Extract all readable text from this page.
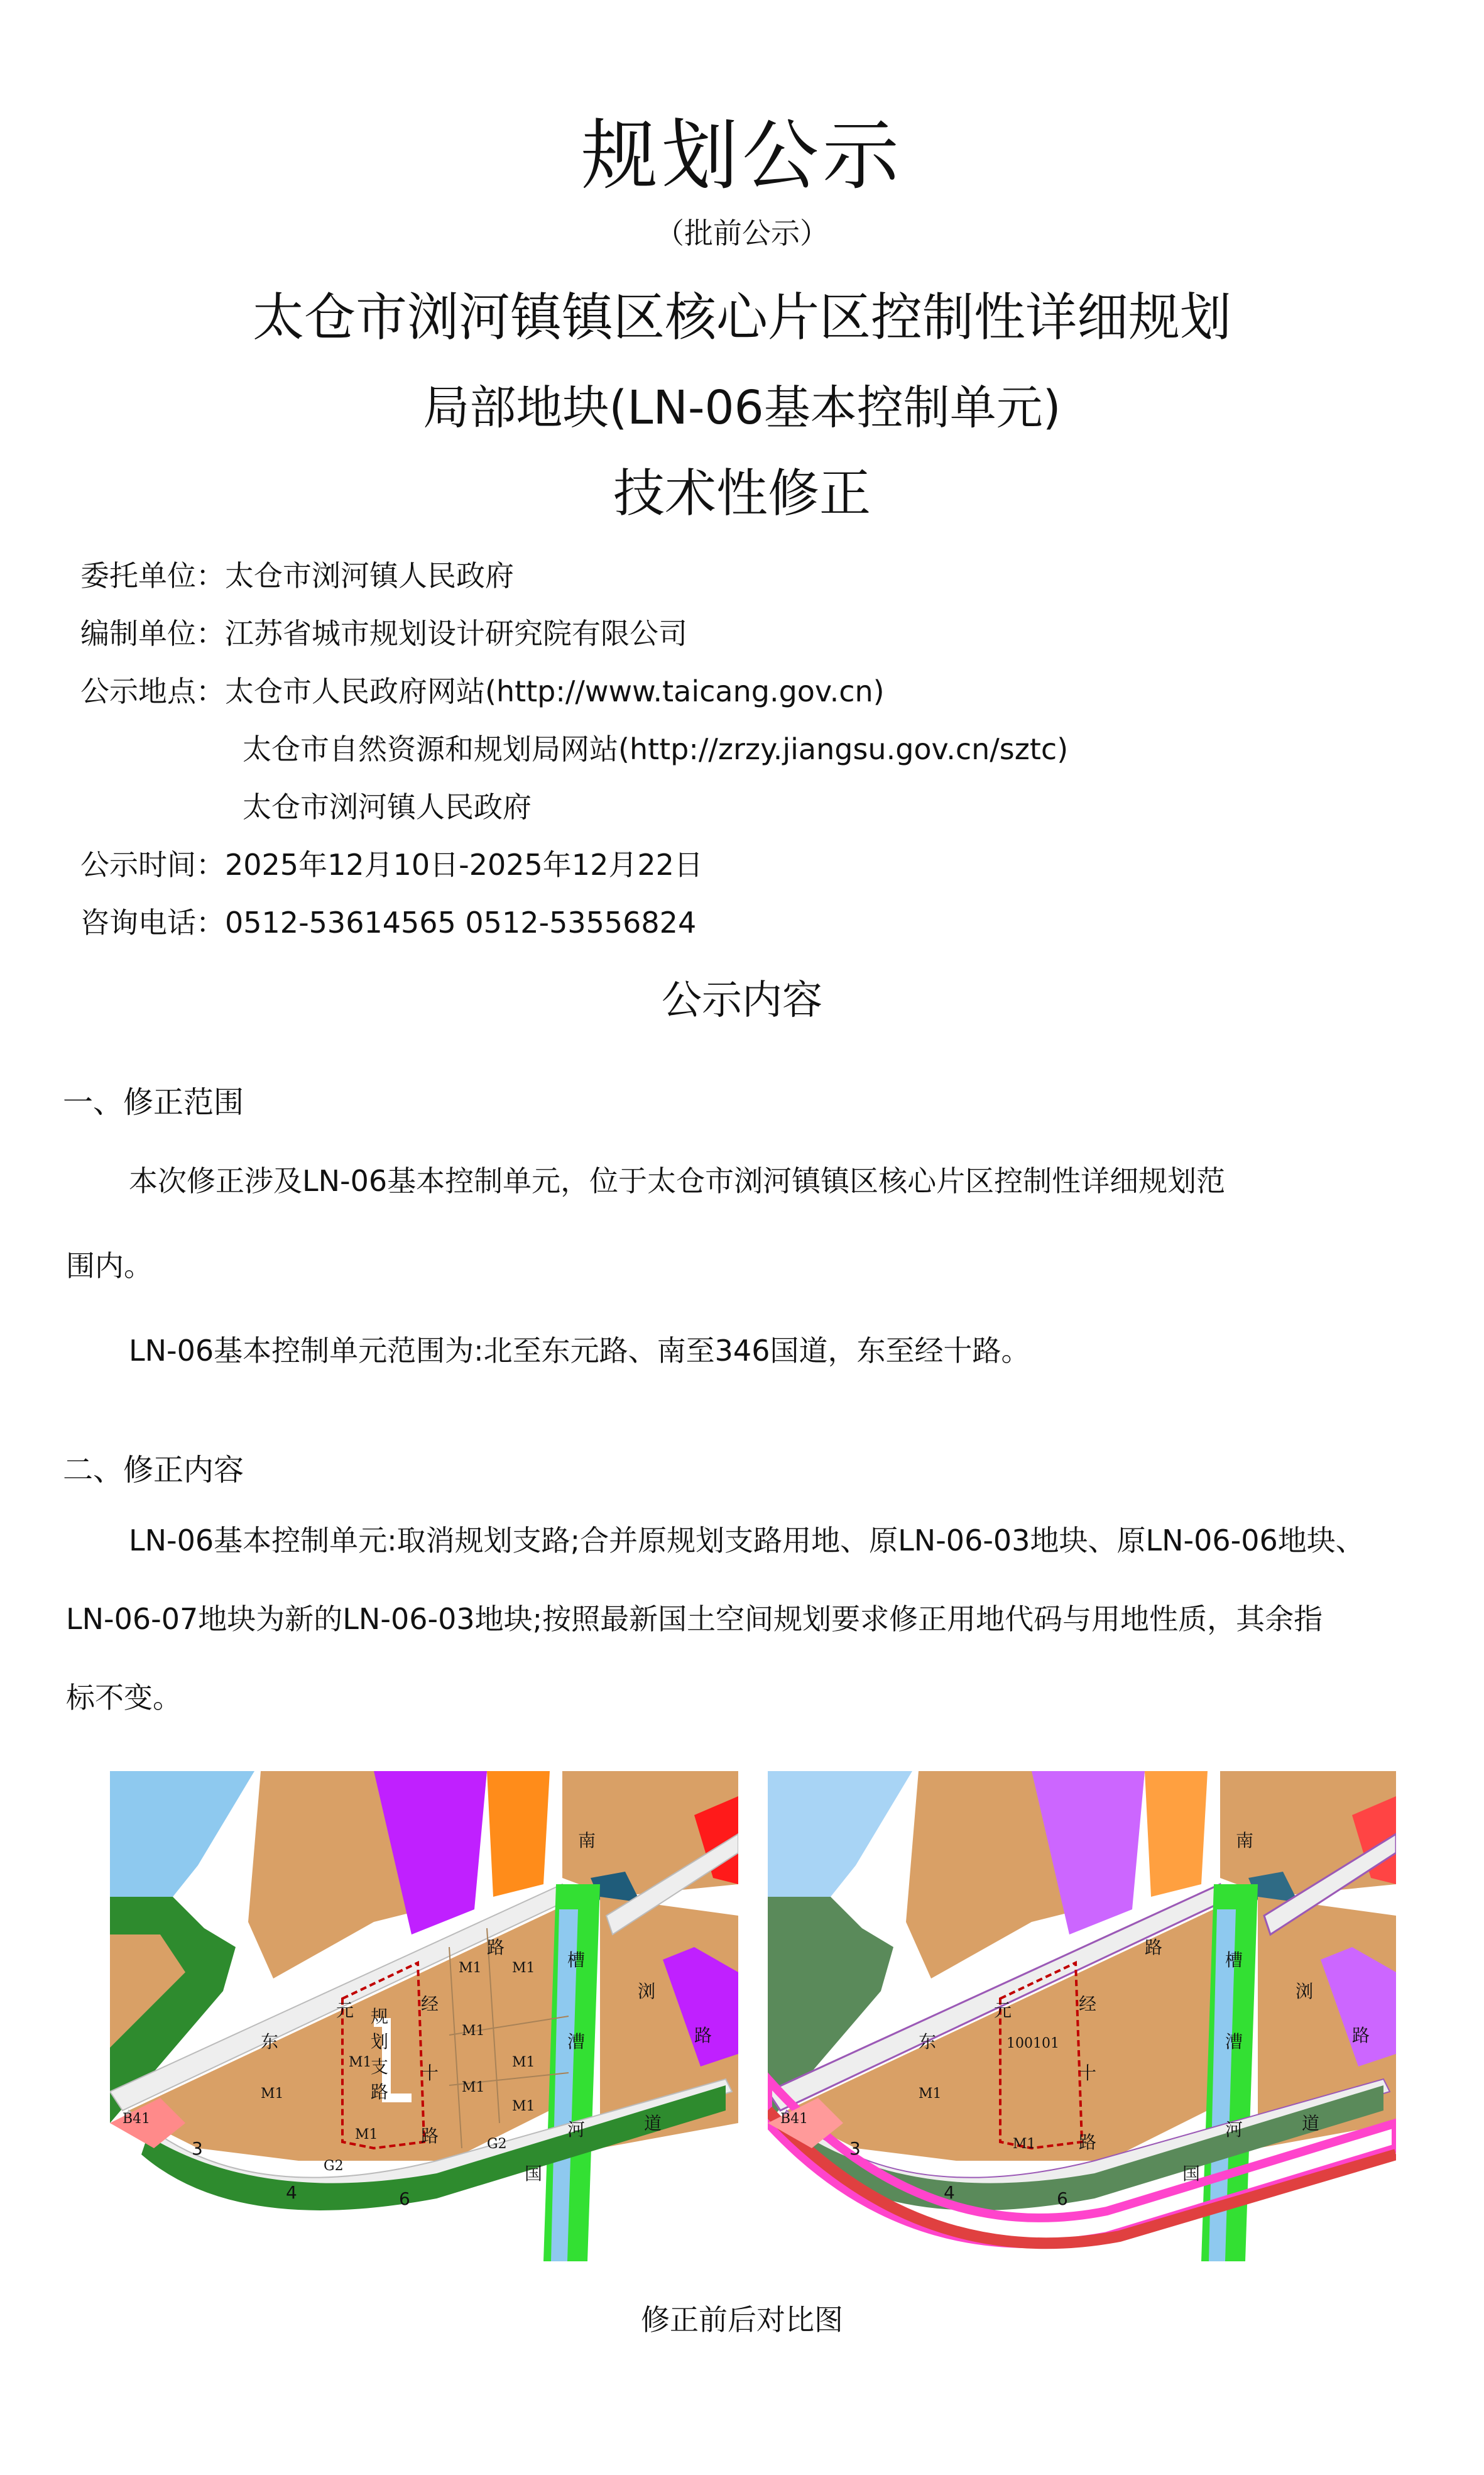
规划公示
（批前公示）
太仓市浏河镇镇区核心片区控制性详细规划
局部地块(LN-06基本控制单元)
技术性修正
委托单位：太仓市浏河镇人民政府
编制单位：江苏省城市规划设计研究院有限公司
公示地点：太仓市人民政府网站(http://www.taicang.gov.cn)
太仓市自然资源和规划局网站(http://zrzy.jiangsu.gov.cn/sztc)
太仓市浏河镇人民政府
公示时间：2025年12月10日-2025年12月22日
咨询电话：0512-53614565 0512-53556824
公示内容
一、修正范围
本次修正涉及LN-06基本控制单元，位于太仓市浏河镇镇区核心片区控制性详细规划范
围内。
LN-06基本控制单元范围为:北至东元路、南至346国道，东至经十路。
二、修正内容
LN-06基本控制单元:取消规划支路;合并原规划支路用地、原LN-06-03地块、原LN-06-06地块、
LN-06-07地块为新的LN-06-03地块;按照最新国土空间规划要求修正用地代码与用地性质，其余指
标不变。
B41
M1
M1
M1 M1
M1
M1
M1
M1
M1
G2
G2
东
元
路
南
槽
漕
河
浏
路
规
划
支
路
经
十
路
3
4	6
国
道	B41
M1
M1
100101
东
元
路
南
槽
漕
河
浏
路
经
十
路
3
4	6
国
道
修正前后对比图
